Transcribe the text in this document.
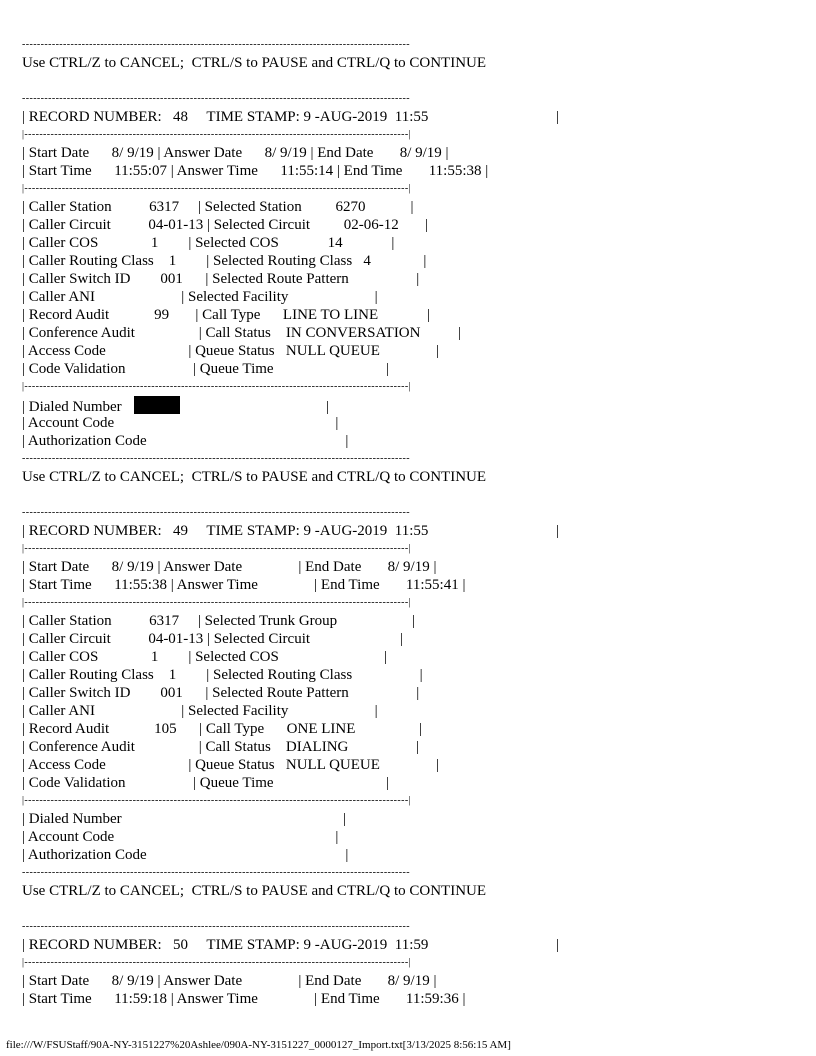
--------------------------------------------------------------------------------------------------------
Use CTRL/Z to CANCEL;  CTRL/S to PAUSE and CTRL/Q to CONTINUE
--------------------------------------------------------------------------------------------------------
| RECORD NUMBER:   48     TIME STAMP: 9 -AUG-2019  11:55                                  |
|-------------------------------------------------------------------------------------------------------|
| Start Date      8/ 9/19 | Answer Date      8/ 9/19 | End Date       8/ 9/19 |
| Start Time      11:55:07 | Answer Time      11:55:14 | End Time       11:55:38 |
|-------------------------------------------------------------------------------------------------------|
| Caller Station          6317     | Selected Station         6270            |
| Caller Circuit          04-01-13 | Selected Circuit         02-06-12       |
| Caller COS              1        | Selected COS             14             |
| Caller Routing Class    1        | Selected Routing Class   4              |
| Caller Switch ID        001      | Selected Route Pattern                  |
| Caller ANI                       | Selected Facility                       |
| Record Audit            99       | Call Type      LINE TO LINE             |
| Conference Audit                 | Call Status    IN CONVERSATION          |
| Access Code                      | Queue Status   NULL QUEUE               |
| Code Validation                  | Queue Time                              |
|-------------------------------------------------------------------------------------------------------|
| Dialed Number	|
| Account Code                                                           |
| Authorization Code                                                     |
--------------------------------------------------------------------------------------------------------
Use CTRL/Z to CANCEL;  CTRL/S to PAUSE and CTRL/Q to CONTINUE
--------------------------------------------------------------------------------------------------------
| RECORD NUMBER:   49     TIME STAMP: 9 -AUG-2019  11:55                                  |
|-------------------------------------------------------------------------------------------------------|
| Start Date      8/ 9/19 | Answer Date               | End Date       8/ 9/19 |
| Start Time      11:55:38 | Answer Time               | End Time       11:55:41 |
|-------------------------------------------------------------------------------------------------------|
| Caller Station          6317     | Selected Trunk Group                    |
| Caller Circuit          04-01-13 | Selected Circuit                        |
| Caller COS              1        | Selected COS                            |
| Caller Routing Class    1        | Selected Routing Class                  |
| Caller Switch ID        001      | Selected Route Pattern                  |
| Caller ANI                       | Selected Facility                       |
| Record Audit            105      | Call Type      ONE LINE                 |
| Conference Audit                 | Call Status    DIALING                  |
| Access Code                      | Queue Status   NULL QUEUE               |
| Code Validation                  | Queue Time                              |
|-------------------------------------------------------------------------------------------------------|
| Dialed Number                                                           |
| Account Code                                                           |
| Authorization Code                                                     |
--------------------------------------------------------------------------------------------------------
Use CTRL/Z to CANCEL;  CTRL/S to PAUSE and CTRL/Q to CONTINUE
--------------------------------------------------------------------------------------------------------
| RECORD NUMBER:   50     TIME STAMP: 9 -AUG-2019  11:59                                  |
|-------------------------------------------------------------------------------------------------------|
| Start Date      8/ 9/19 | Answer Date               | End Date       8/ 9/19 |
| Start Time      11:59:18 | Answer Time               | End Time       11:59:36 |
file:///W/FSUStaff/90A-NY-3151227%20Ashlee/090A-NY-3151227_0000127_Import.txt[3/13/2025 8:56:15 AM]
